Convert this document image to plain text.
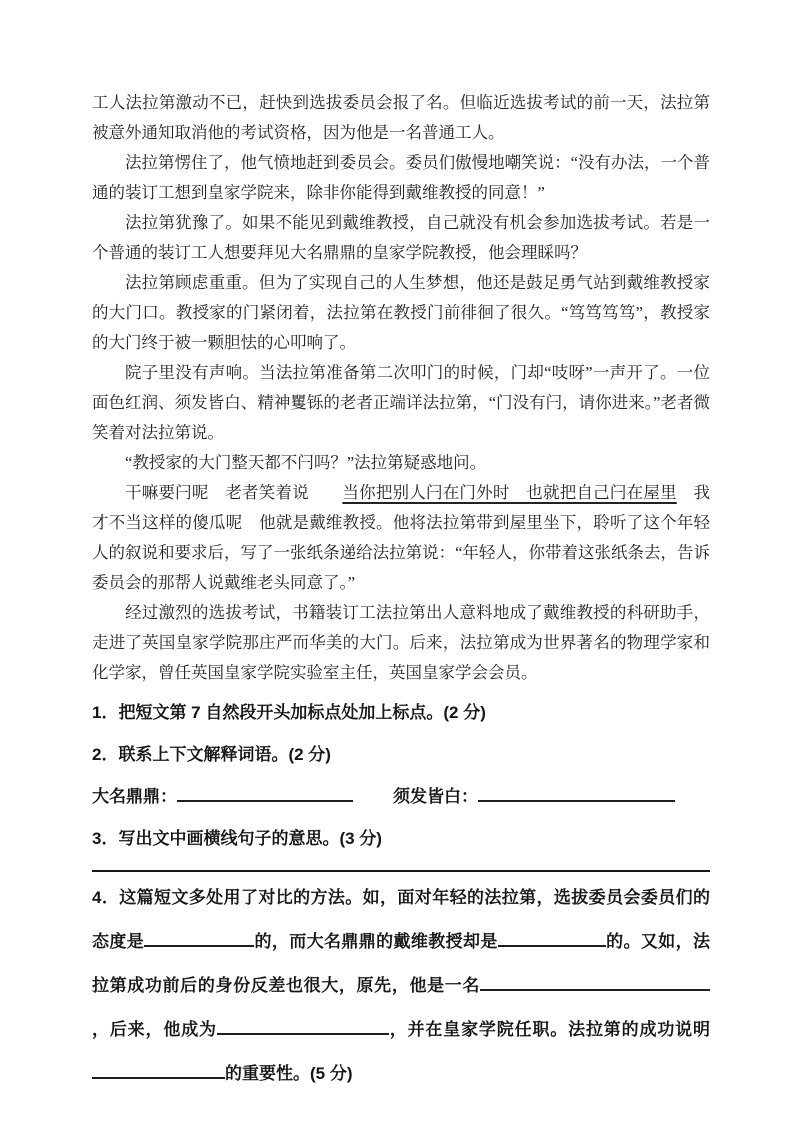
工人法拉第激动不已，赶快到选拔委员会报了名。但临近选拔考试的前一天，法拉第被意外通知取消他的考试资格，因为他是一名普通工人。

法拉第愣住了，他气愤地赶到委员会。委员们傲慢地嘲笑说：“没有办法，一个普通的装订工想到皇家学院来，除非你能得到戴维教授的同意！”

法拉第犹豫了。如果不能见到戴维教授，自己就没有机会参加选拔考试。若是一个普通的装订工人想要拜见大名鼎鼎的皇家学院教授，他会理睬吗？

法拉第顾虑重重。但为了实现自己的人生梦想，他还是鼓足勇气站到戴维教授家的大门口。教授家的门紧闭着，法拉第在教授门前徘徊了很久。“笃笃笃笃”，教授家的大门终于被一颗胆怯的心叩响了。

院子里没有声响。当法拉第准备第二次叩门的时候，门却“吱呀”一声开了。一位面色红润、须发皆白、精神矍铄的老者正端详法拉第，“门没有闩，请你进来。”老者微笑着对法拉第说。

“教授家的大门整天都不闩吗？”法拉第疑惑地问。

干嘛要闩呢　老者笑着说　　当你把别人闩在门外时　也就把自己闩在屋里　我才不当这样的傻瓜呢　他就是戴维教授。他将法拉第带到屋里坐下，聆听了这个年轻人的叙说和要求后，写了一张纸条递给法拉第说：“年轻人，你带着这张纸条去，告诉委员会的那帮人说戴维老头同意了。”

经过激烈的选拔考试，书籍装订工法拉第出人意料地成了戴维教授的科研助手，走进了英国皇家学院那庄严而华美的大门。后来，法拉第成为世界著名的物理学家和化学家，曾任英国皇家学院实验室主任，英国皇家学会会员。

1．把短文第 7 自然段开头加标点处加上标点。(2 分)

2．联系上下文解释词语。(2 分)

大名鼎鼎：	须发皆白：

3．写出文中画横线句子的意思。(3 分)

4．这篇短文多处用了对比的方法。如，面对年轻的法拉第，选拔委员会委员们的态度是	的，而大名鼎鼎的戴维教授却是	的。又如，法拉第成功前后的身份反差也很大，原先，他是一名，后来，他成为	，并在皇家学院任职。法拉第的成功说明的重要性。(5 分)
